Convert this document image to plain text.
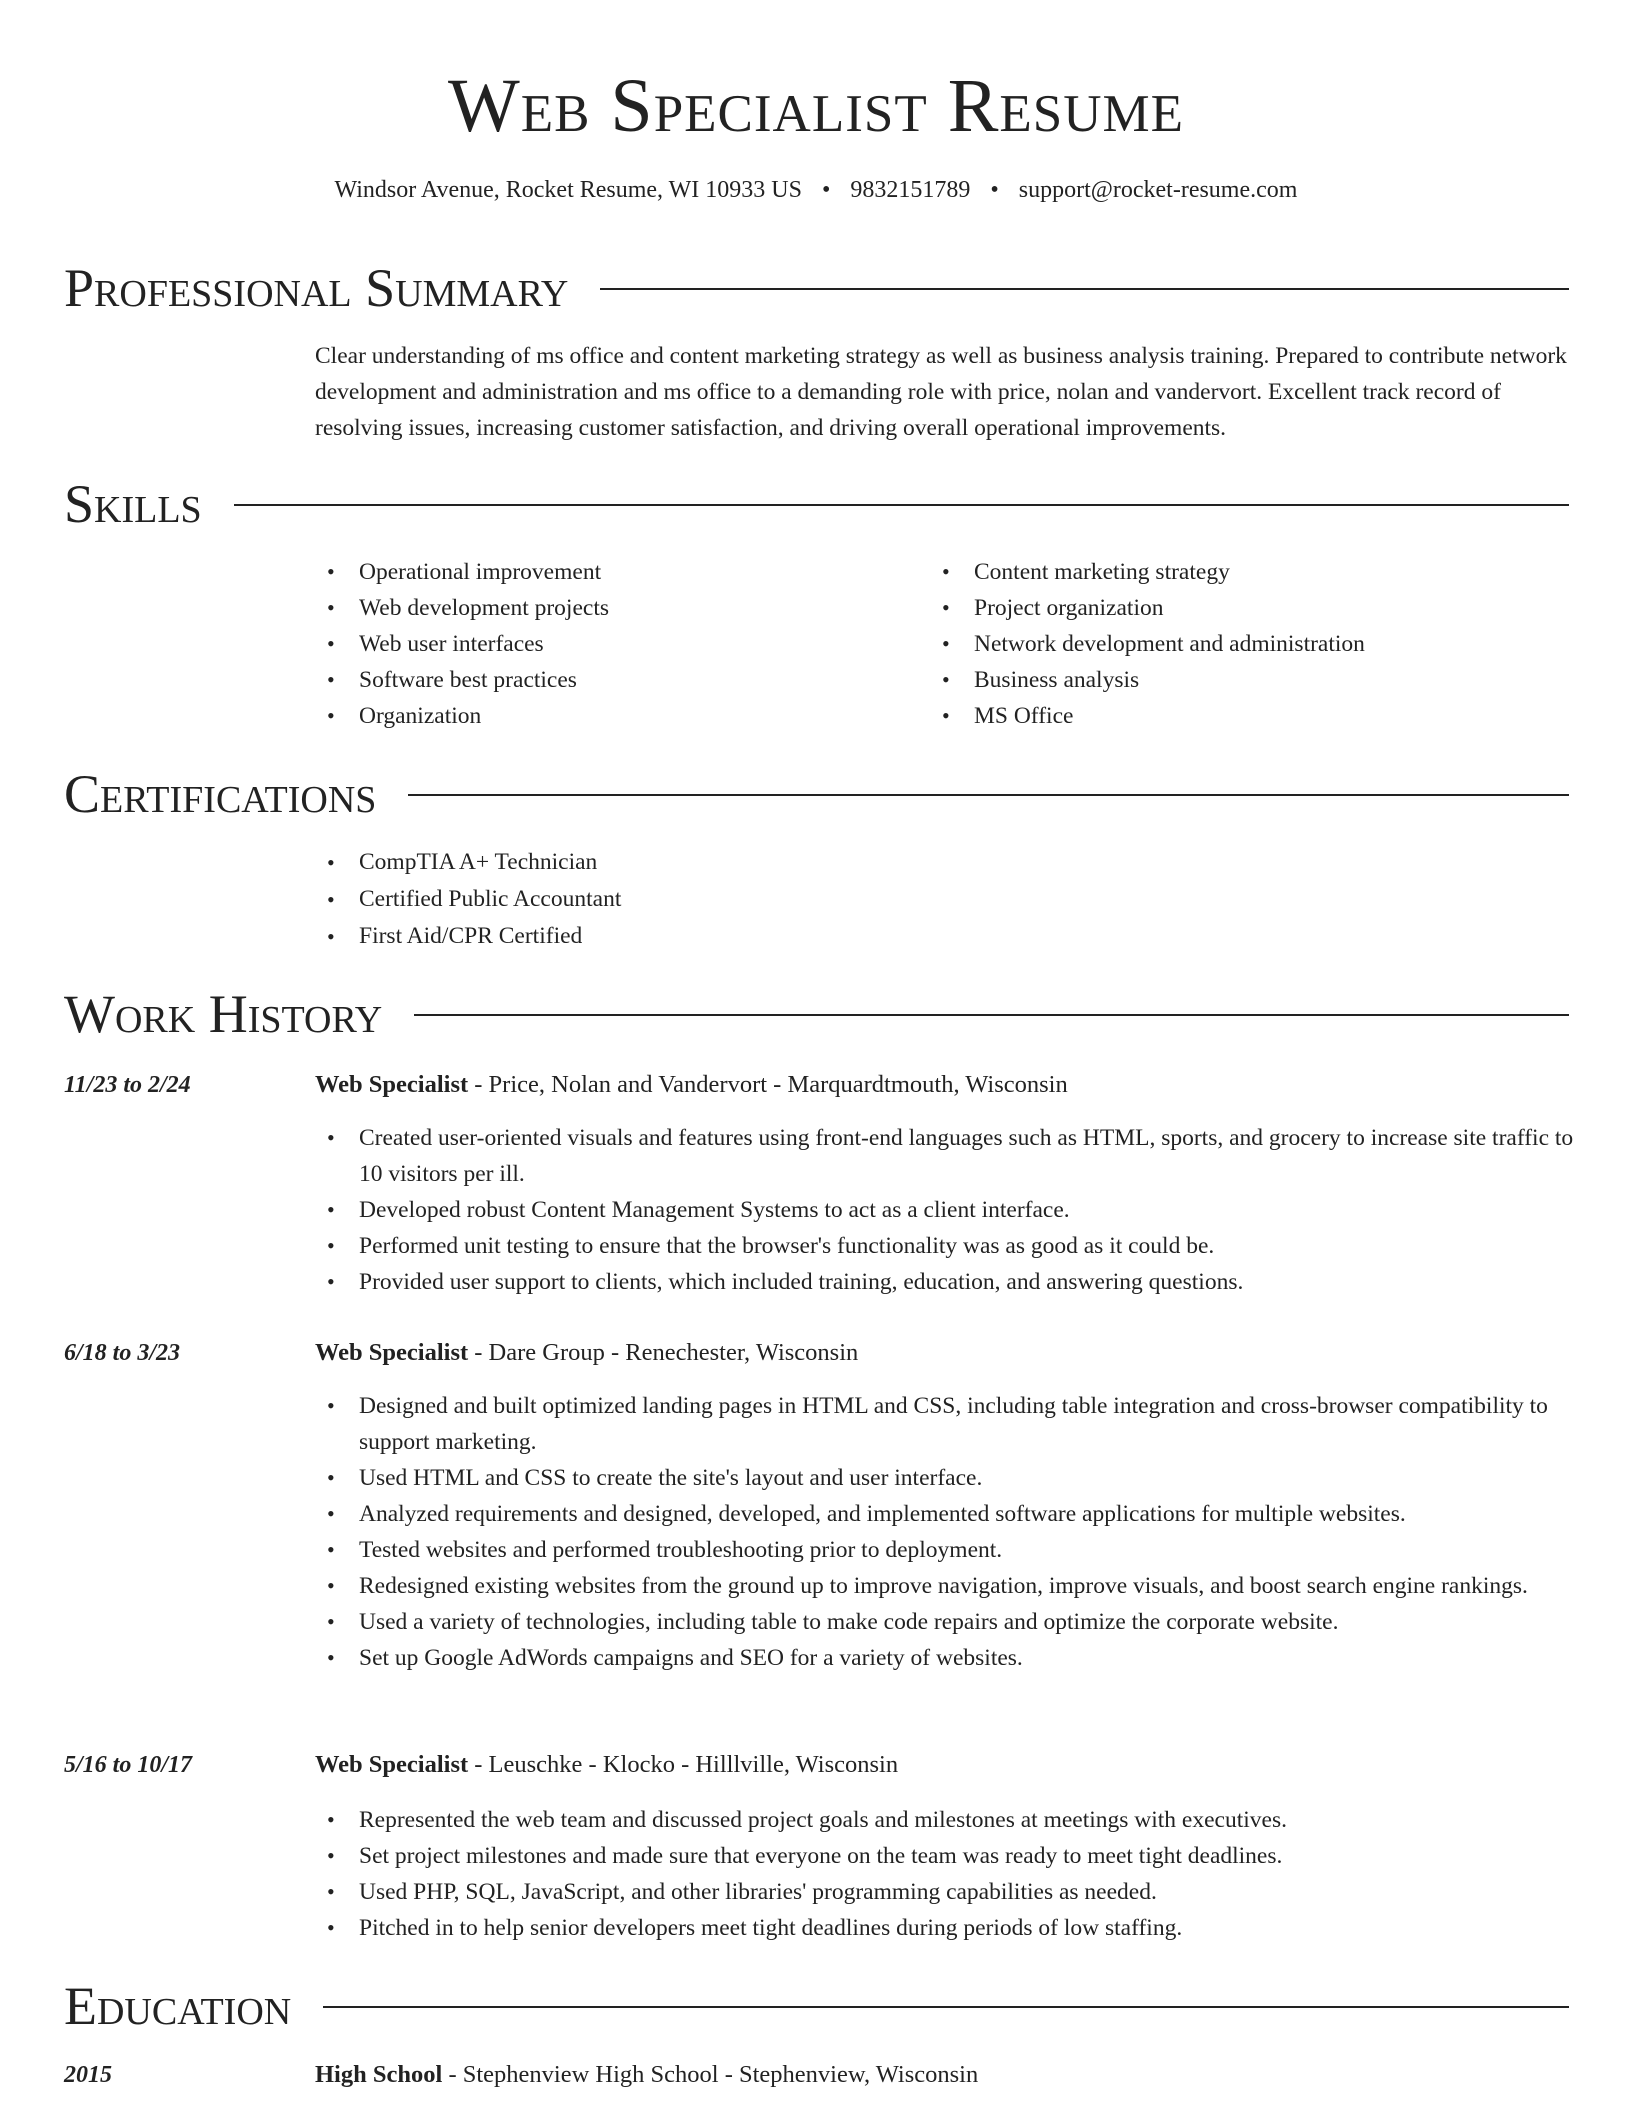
Web Specialist Resume
Windsor Avenue, Rocket Resume, WI 10933 US • 9832151789 • support@rocket-resume.com
Professional Summary

Clear understanding of ms office and content marketing strategy as well as business analysis training. Prepared to contribute network development and administration and ms office to a demanding role with price, nolan and vandervort. Excellent track record of resolving issues, increasing customer satisfaction, and driving overall operational improvements.

Skills
• Operational improvement
• Web development projects
• Web user interfaces
• Software best practices
• Organization
• Content marketing strategy
• Project organization
• Network development and administration
• Business analysis
• MS Office
Certifications
• CompTIA A+ Technician
• Certified Public Accountant
• First Aid/CPR Certified
Work History
11/23 to 2/24	Web Specialist - Price, Nolan and Vandervort - Marquardtmouth, Wisconsin
• Created user-oriented visuals and features using front-end languages such as HTML, sports, and grocery to increase site traffic to 10 visitors per ill.
• Developed robust Content Management Systems to act as a client interface.
• Performed unit testing to ensure that the browser's functionality was as good as it could be.
• Provided user support to clients, which included training, education, and answering questions.
6/18 to 3/23	Web Specialist - Dare Group - Renechester, Wisconsin
• Designed and built optimized landing pages in HTML and CSS, including table integration and cross-browser compatibility to support marketing.
• Used HTML and CSS to create the site's layout and user interface.
• Analyzed requirements and designed, developed, and implemented software applications for multiple websites.
• Tested websites and performed troubleshooting prior to deployment.
• Redesigned existing websites from the ground up to improve navigation, improve visuals, and boost search engine rankings.
• Used a variety of technologies, including table to make code repairs and optimize the corporate website.
• Set up Google AdWords campaigns and SEO for a variety of websites.
5/16 to 10/17	Web Specialist - Leuschke - Klocko - Hilllville, Wisconsin
• Represented the web team and discussed project goals and milestones at meetings with executives.
• Set project milestones and made sure that everyone on the team was ready to meet tight deadlines.
• Used PHP, SQL, JavaScript, and other libraries' programming capabilities as needed.
• Pitched in to help senior developers meet tight deadlines during periods of low staffing.
Education
2015	High School - Stephenview High School - Stephenview, Wisconsin
